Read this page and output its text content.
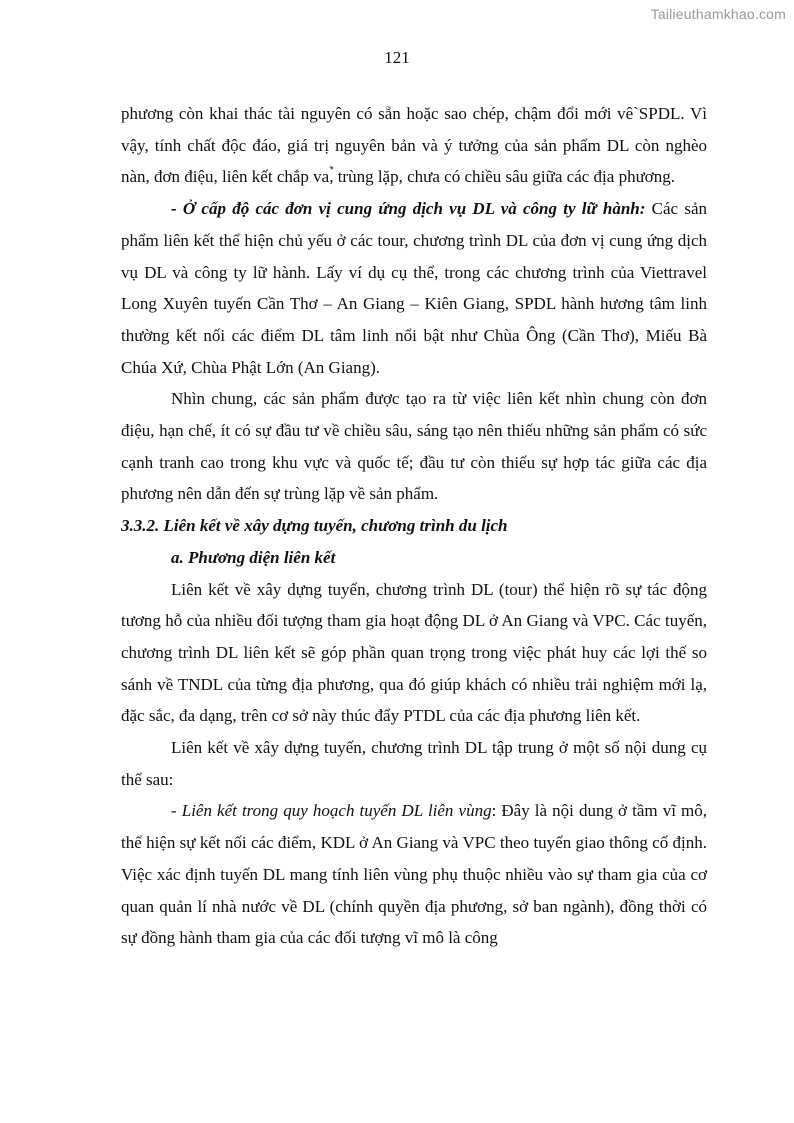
Tailieuthamkhao.com
121

phương còn khai thác tài nguyên có sẵn hoặc sao chép, chậm đổi mới vê`SPDL. Vì vậy, tính chất độc đáo, giá trị nguyên bản và ý tưởng của sản phẩm DL còn nghèo nàn, đơn điệu, liên kết chắp va,̉ trùng lặp, chưa có chiều sâu giữa các địa phương.

- Ở cấp độ các đơn vị cung ứng dịch vụ DL và công ty lữ hành: Các sản phẩm liên kết thể hiện chủ yếu ở các tour, chương trình DL của đơn vị cung ứng dịch vụ DL và công ty lữ hành. Lấy ví dụ cụ thể, trong các chương trình của Viettravel Long Xuyên tuyến Cần Thơ – An Giang – Kiên Giang, SPDL hành hương tâm linh thường kết nối các điểm DL tâm linh nổi bật như Chùa Ông (Cần Thơ), Miếu Bà Chúa Xứ, Chùa Phật Lớn (An Giang).

Nhìn chung, các sản phẩm được tạo ra từ việc liên kết nhìn chung còn đơn điệu, hạn chế, ít có sự đầu tư về chiều sâu, sáng tạo nên thiếu những sản phẩm có sức cạnh tranh cao trong khu vực và quốc tế; đầu tư còn thiếu sự hợp tác giữa các địa phương nên dẫn đến sự trùng lặp về sản phẩm.

3.3.2. Liên kết về xây dựng tuyến, chương trình du lịch

a. Phương diện liên kết

Liên kết về xây dựng tuyến, chương trình DL (tour) thể hiện rõ sự tác động tương hỗ của nhiều đối tượng tham gia hoạt động DL ở An Giang và VPC. Các tuyến, chương trình DL liên kết sẽ góp phần quan trọng trong việc phát huy các lợi thế so sánh về TNDL của từng địa phương, qua đó giúp khách có nhiều trải nghiệm mới lạ, đặc sắc, đa dạng, trên cơ sở này thúc đẩy PTDL của các địa phương liên kết.

Liên kết về xây dựng tuyến, chương trình DL tập trung ở một số nội dung cụ thể sau:

- Liên kết trong quy hoạch tuyến DL liên vùng: Đây là nội dung ở tầm vĩ mô, thể hiện sự kết nối các điểm, KDL ở An Giang và VPC theo tuyến giao thông cố định. Việc xác định tuyến DL mang tính liên vùng phụ thuộc nhiều vào sự tham gia của cơ quan quản lí nhà nước về DL (chính quyền địa phương, sở ban ngành), đồng thời có sự đồng hành tham gia của các đối tượng vĩ mô là công
